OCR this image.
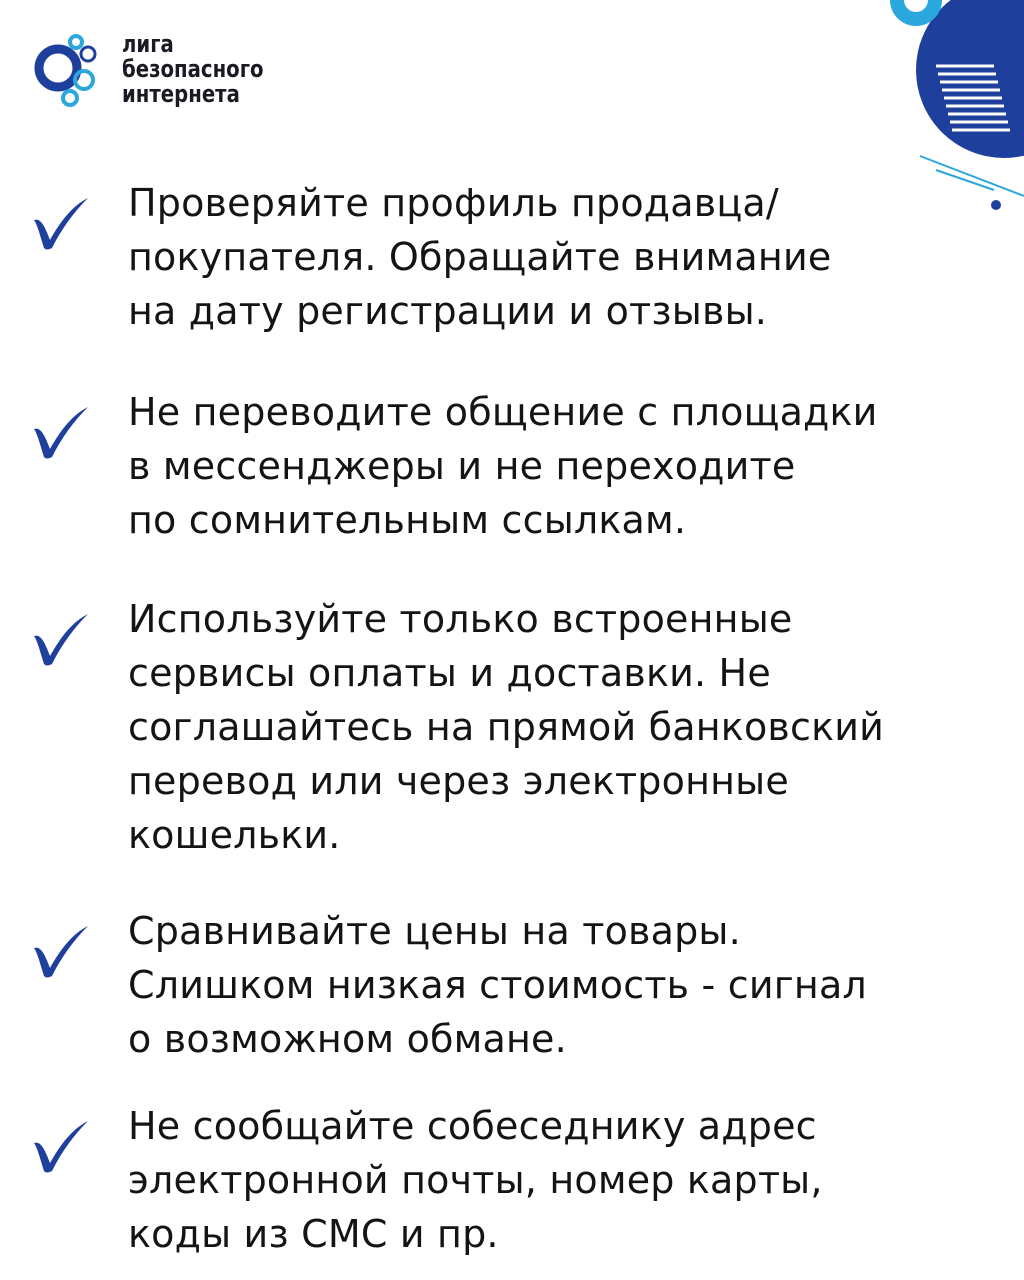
лига
безопасного
интернета
Проверяйте профиль продавца/
покупателя. Обращайте внимание
на дату регистрации и отзывы.
Не переводите общение с площадки
в мессенджеры и не переходите
по сомнительным ссылкам.
Используйте только встроенные
сервисы оплаты и доставки. Не
соглашайтесь на прямой банковский
перевод или через электронные
кошельки.
Сравнивайте цены на товары.
Слишком низкая стоимость - сигнал
о возможном обмане.
Не сообщайте собеседнику адрес
электронной почты, номер карты,
коды из СМС и пр.
